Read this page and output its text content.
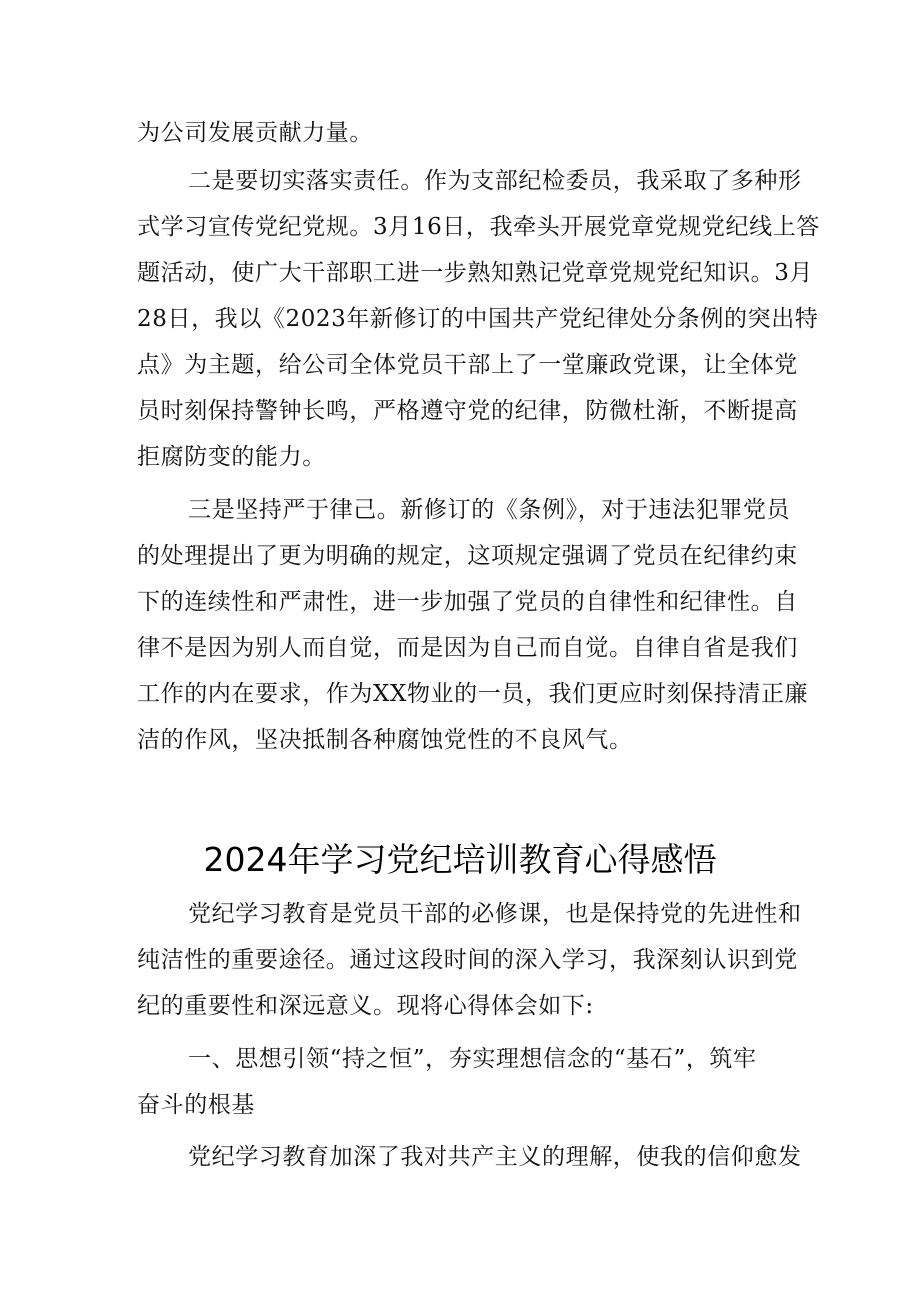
为公司发展贡献力量。
二是要切实落实责任。作为支部纪检委员，我采取了多种形
式学习宣传党纪党规。3月16日，我牵头开展党章党规党纪线上答
题活动，使广大干部职工进一步熟知熟记党章党规党纪知识。3月
28日，我以《2023年新修订的中国共产党纪律处分条例的突出特
点》为主题，给公司全体党员干部上了一堂廉政党课，让全体党
员时刻保持警钟长鸣，严格遵守党的纪律，防微杜渐，不断提高
拒腐防变的能力。
三是坚持严于律己。新修订的《条例》，对于违法犯罪党员
的处理提出了更为明确的规定，这项规定强调了党员在纪律约束
下的连续性和严肃性，进一步加强了党员的自律性和纪律性。自
律不是因为别人而自觉，而是因为自己而自觉。自律自省是我们
工作的内在要求，作为XX物业的一员，我们更应时刻保持清正廉
洁的作风，坚决抵制各种腐蚀党性的不良风气。
2024年学习党纪培训教育心得感悟
党纪学习教育是党员干部的必修课，也是保持党的先进性和
纯洁性的重要途径。通过这段时间的深入学习，我深刻认识到党
纪的重要性和深远意义。现将心得体会如下:
一、思想引领“持之恒”，夯实理想信念的“基石”，筑牢
奋斗的根基
党纪学习教育加深了我对共产主义的理解，使我的信仰愈发
